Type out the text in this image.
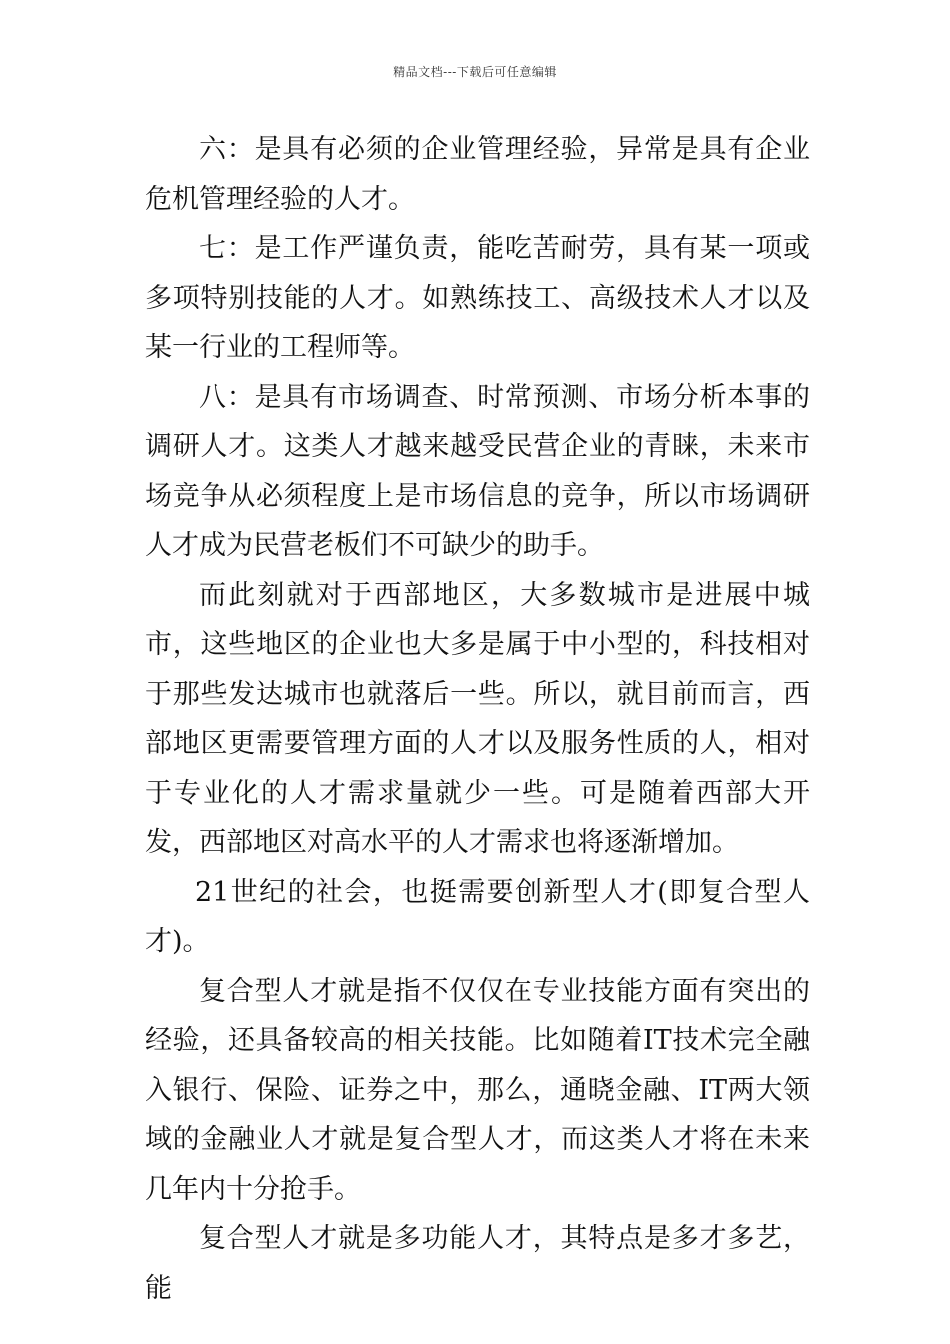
精品文档---下载后可任意编辑

六：是具有必须的企业管理经验，异常是具有企业危机管理经验的人才。

七：是工作严谨负责，能吃苦耐劳，具有某一项或多项特别技能的人才。如熟练技工、高级技术人才以及某一行业的工程师等。

八：是具有市场调查、时常预测、市场分析本事的调研人才。这类人才越来越受民营企业的青睐，未来市场竞争从必须程度上是市场信息的竞争，所以市场调研人才成为民营老板们不可缺少的助手。

而此刻就对于西部地区，大多数城市是进展中城市，这些地区的企业也大多是属于中小型的，科技相对于那些发达城市也就落后一些。所以，就目前而言，西部地区更需要管理方面的人才以及服务性质的人，相对于专业化的人才需求量就少一些。可是随着西部大开发，西部地区对高水平的人才需求也将逐渐增加。

21世纪的社会，也挺需要创新型人才(即复合型人才)。

复合型人才就是指不仅仅在专业技能方面有突出的经验，还具备较高的相关技能。比如随着IT技术完全融入银行、保险、证券之中，那么，通晓金融、IT两大领域的金融业人才就是复合型人才，而这类人才将在未来几年内十分抢手。

复合型人才就是多功能人才，其特点是多才多艺，能
